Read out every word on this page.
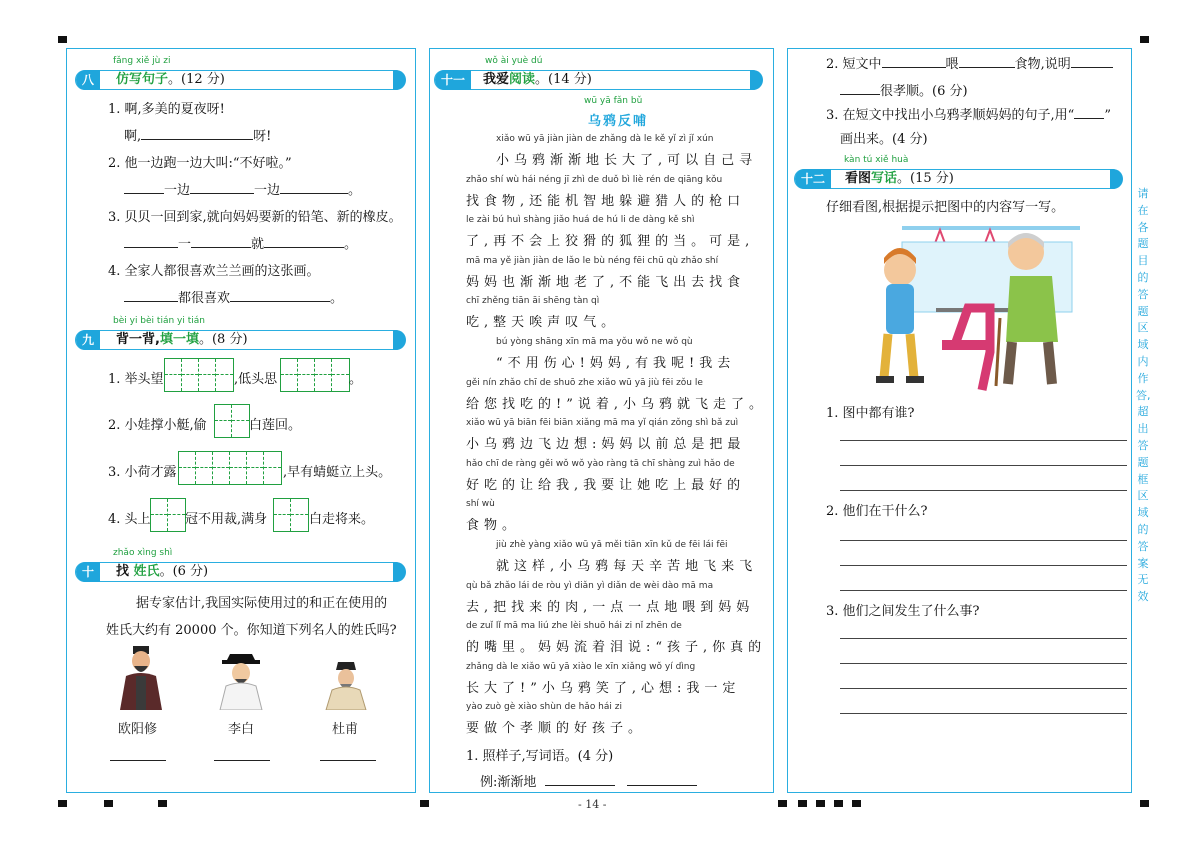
fǎng xiě jù zi
八	仿写句子。(12 分)
1. 啊,多美的夏夜呀!
啊,	呀!
2. 他一边跑一边大叫:“不好啦。”
一边	一边	。
3. 贝贝一回到家,就向妈妈要新的铅笔、新的橡皮。
一	就	。
4. 全家人都很喜欢兰兰画的这张画。
都很喜欢	。
bèi yi bèi tián yi tián
九	背一背,填一填。(8 分)
1. 举头望	,低头思	。
2. 小娃撑小艇,偷	白莲回。
3. 小荷才露	,早有蜻蜓立上头。
4. 头上	冠不用裁,满身	白走将来。
zhǎo xìng shì
十	找 姓氏。(6 分)
据专家估计,我国实际使用过的和正在使用的
姓氏大约有 20000 个。你知道下列名人的姓氏吗?
欧阳修	李白	杜甫
wǒ ài yuè dú
十一	我爱阅读。(14 分)
wū yā fǎn bǔ
乌鸦反哺
xiǎo wū yā jiàn jiàn de zhǎng dà le kě yǐ zì jǐ xún
小乌鸦渐渐地长大了,可以自己寻
zhǎo shí wù hái néng jī zhì de duǒ bì liè rén de qiāng kǒu
找食物,还能机智地躲避猎人的枪口
le zài bú huì shàng jiǎo huá de hú li de dàng kě shì
了,再不会上狡猾的狐狸的当。可是,
mā ma yě jiàn jiàn de lǎo le bù néng fēi chū qù zhǎo shí
妈妈也渐渐地老了,不能飞出去找食
chī zhěng tiān āi shēng tàn qì
吃,整天唉声叹气。
bú yòng shāng xīn mā ma yǒu wǒ ne wǒ qù
“不用伤心!妈妈,有我呢!我去
gěi nín zhǎo chī de shuō zhe xiǎo wū yā jiù fēi zǒu le
给您找吃的!”说着,小乌鸦就飞走了。
xiǎo wū yā biān fēi biān xiǎng mā ma yǐ qián zǒng shì bǎ zuì
小乌鸦边飞边想:妈妈以前总是把最
hǎo chī de ràng gěi wǒ wǒ yào ràng tā chī shàng zuì hǎo de
好吃的让给我,我要让她吃上最好的
shí wù
食物。
jiù zhè yàng xiǎo wū yā měi tiān xīn kǔ de fēi lái fēi
就这样,小乌鸦每天辛苦地飞来飞
qù bǎ zhǎo lái de ròu yì diǎn yì diǎn de wèi dào mā ma
去,把找来的肉,一点一点地喂到妈妈
de zuǐ lǐ mā ma liú zhe lèi shuō hái zi nǐ zhēn de
的嘴里。妈妈流着泪说:“孩子,你真的
zhǎng dà le xiǎo wū yā xiào le xīn xiǎng wǒ yí dìng
长大了!”小乌鸦笑了,心想:我一定
yào zuò gè xiào shùn de hǎo hái zi
要做个孝顺的好孩子。
1. 照样子,写词语。(4 分)
例:渐渐地
- 14 -
2. 短文中	喂	食物,说明
很孝顺。(6 分)
3. 在短文中找出小乌鸦孝顺妈妈的句子,用“ ”
画出来。(4 分)
kàn tú xiě huà
十二	看图写话。(15 分)
仔细看图,根据提示把图中的内容写一写。
1. 图中都有谁?
2. 他们在干什么?
3. 他们之间发生了什么事?
请在各题目的答题区域内作答,超出答题框区域的答案无效
